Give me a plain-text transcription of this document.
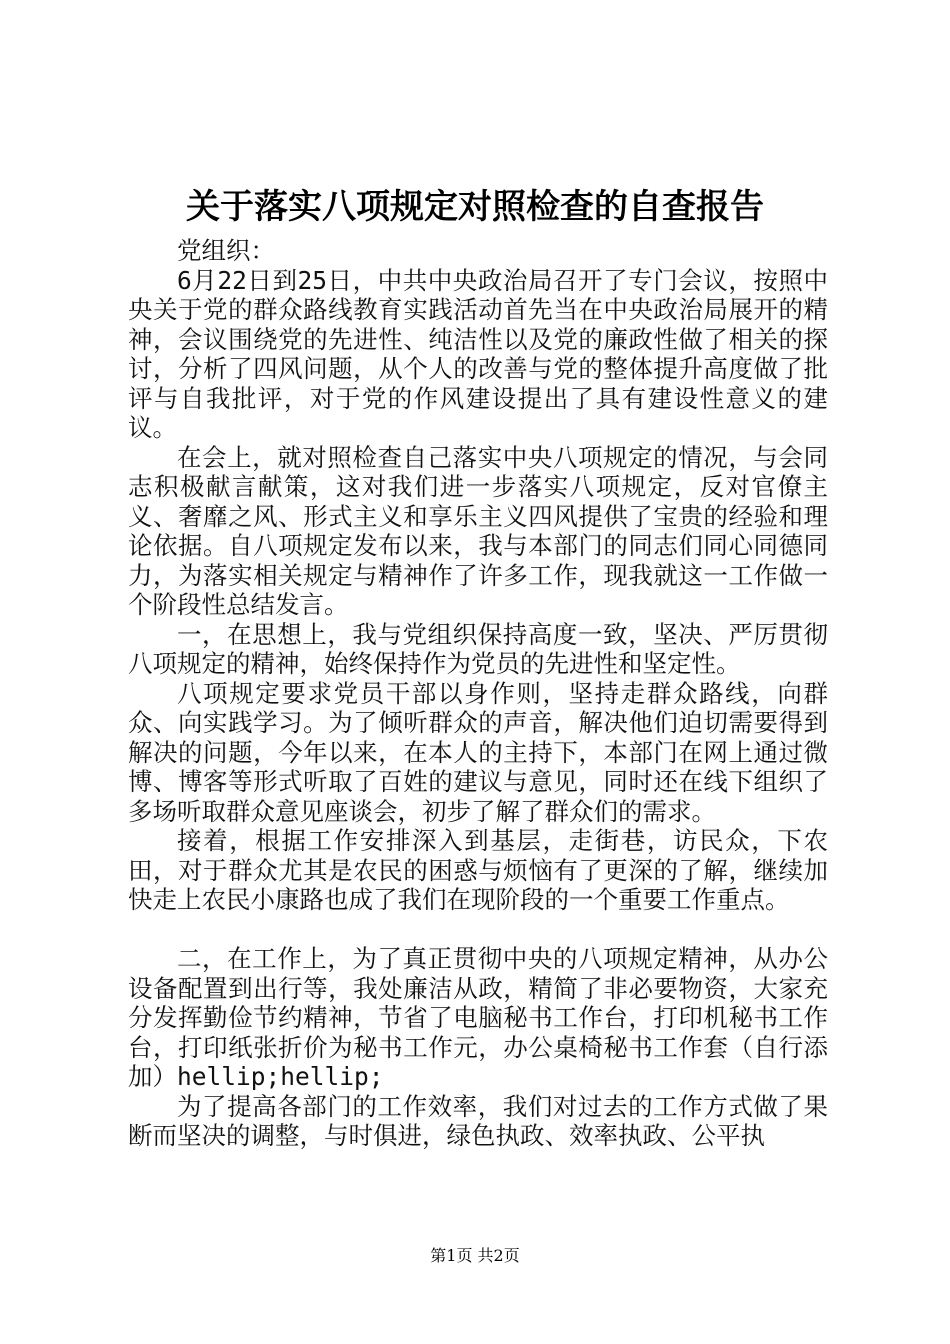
关于落实八项规定对照检查的自查报告

党组织：

6月22日到25日，中共中央政治局召开了专门会议，按照中央关于党的群众路线教育实践活动首先当在中央政治局展开的精神，会议围绕党的先进性、纯洁性以及党的廉政性做了相关的探讨，分析了四风问题，从个人的改善与党的整体提升高度做了批评与自我批评，对于党的作风建设提出了具有建设性意义的建议。

在会上，就对照检查自己落实中央八项规定的情况，与会同志积极献言献策，这对我们进一步落实八项规定，反对官僚主义、奢靡之风、形式主义和享乐主义四风提供了宝贵的经验和理论依据。自八项规定发布以来，我与本部门的同志们同心同德同力，为落实相关规定与精神作了许多工作，现我就这一工作做一个阶段性总结发言。

一，在思想上，我与党组织保持高度一致，坚决、严厉贯彻八项规定的精神，始终保持作为党员的先进性和坚定性。

八项规定要求党员干部以身作则，坚持走群众路线，向群众、向实践学习。为了倾听群众的声音，解决他们迫切需要得到解决的问题，今年以来，在本人的主持下，本部门在网上通过微博、博客等形式听取了百姓的建议与意见，同时还在线下组织了多场听取群众意见座谈会，初步了解了群众们的需求。

接着，根据工作安排深入到基层，走街巷，访民众，下农田，对于群众尤其是农民的困惑与烦恼有了更深的了解，继续加快走上农民小康路也成了我们在现阶段的一个重要工作重点。

二，在工作上，为了真正贯彻中央的八项规定精神，从办公设备配置到出行等，我处廉洁从政，精简了非必要物资，大家充分发挥勤俭节约精神，节省了电脑秘书工作台，打印机秘书工作台，打印纸张折价为秘书工作元，办公桌椅秘书工作套（自行添加）hellip;hellip;

为了提高各部门的工作效率，我们对过去的工作方式做了果断而坚决的调整，与时俱进，绿色执政、效率执政、公平执

第1页 共2页
